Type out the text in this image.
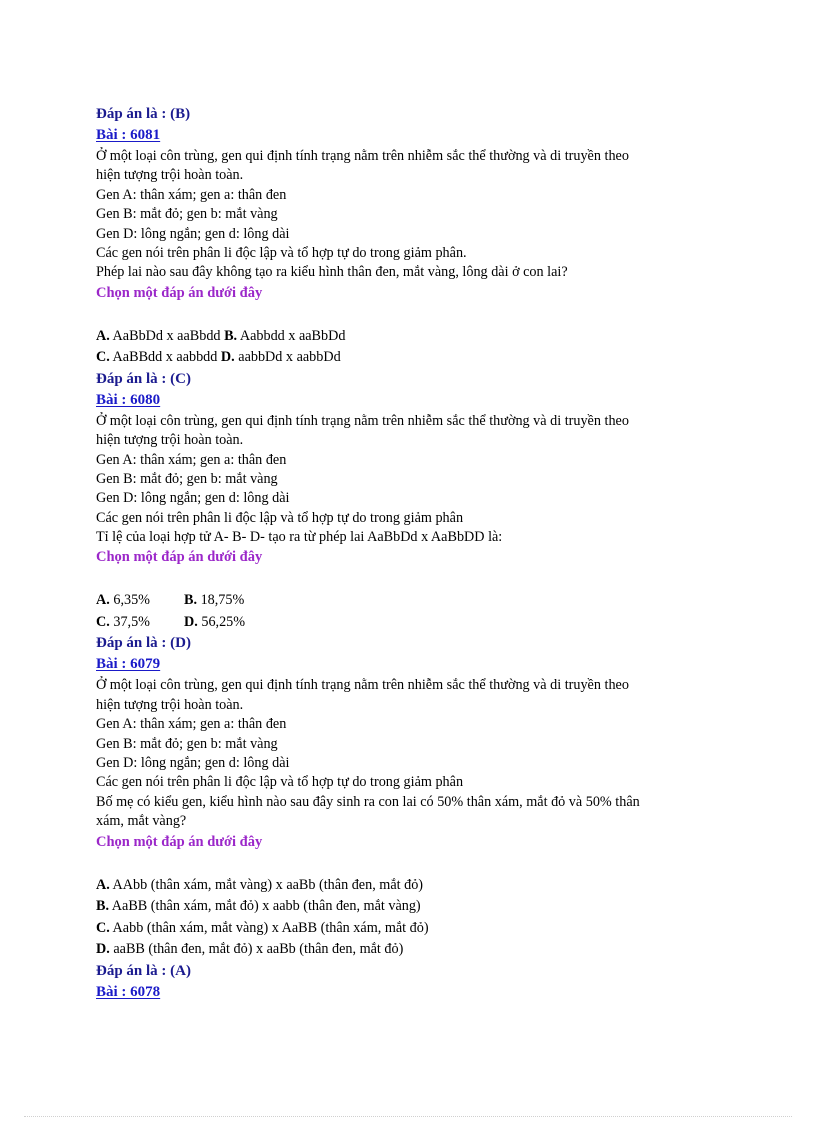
Đáp án là : (B)
Bài : 6081
Ở một loại côn trùng, gen qui định tính trạng nằm trên nhiễm sắc thể thường và di truyền theo
hiện tượng trội hoàn toàn.
Gen A: thân xám; gen a: thân đen
Gen B: mắt đỏ; gen b: mắt vàng
Gen D: lông ngắn; gen d: lông dài
Các gen nói trên phân li độc lập và tổ hợp tự do trong giảm phân.
Phép lai nào sau đây không tạo ra kiểu hình thân đen, mắt vàng, lông dài ở con lai?
Chọn một đáp án dưới đây
A. AaBbDd x aaBbdd B. Aabbdd x aaBbDd
C. AaBBdd x aabbdd D. aabbDd x aabbDd
Đáp án là : (C)
Bài : 6080
Ở một loại côn trùng, gen qui định tính trạng nằm trên nhiễm sắc thể thường và di truyền theo
hiện tượng trội hoàn toàn.
Gen A: thân xám; gen a: thân đen
Gen B: mắt đỏ; gen b: mắt vàng
Gen D: lông ngắn; gen d: lông dài
Các gen nói trên phân li độc lập và tổ hợp tự do trong giảm phân
Tỉ lệ của loại hợp tử A- B- D- tạo ra từ phép lai AaBbDd x AaBbDD là:
Chọn một đáp án dưới đây
A. 6,35% B. 18,75%
C. 37,5% D. 56,25%
Đáp án là : (D)
Bài : 6079
Ở một loại côn trùng, gen qui định tính trạng nằm trên nhiễm sắc thể thường và di truyền theo
hiện tượng trội hoàn toàn.
Gen A: thân xám; gen a: thân đen
Gen B: mắt đỏ; gen b: mắt vàng
Gen D: lông ngắn; gen d: lông dài
Các gen nói trên phân li độc lập và tổ hợp tự do trong giảm phân
Bố mẹ có kiểu gen, kiểu hình nào sau đây sinh ra con lai có 50% thân xám, mắt đỏ và 50% thân
xám, mắt vàng?
Chọn một đáp án dưới đây
A. AAbb (thân xám, mắt vàng) x aaBb (thân đen, mắt đỏ)
B. AaBB (thân xám, mắt đỏ) x aabb (thân đen, mắt vàng)
C. Aabb (thân xám, mắt vàng) x AaBB (thân xám, mắt đỏ)
D. aaBB (thân đen, mắt đỏ) x aaBb (thân đen, mắt đỏ)
Đáp án là : (A)
Bài : 6078
